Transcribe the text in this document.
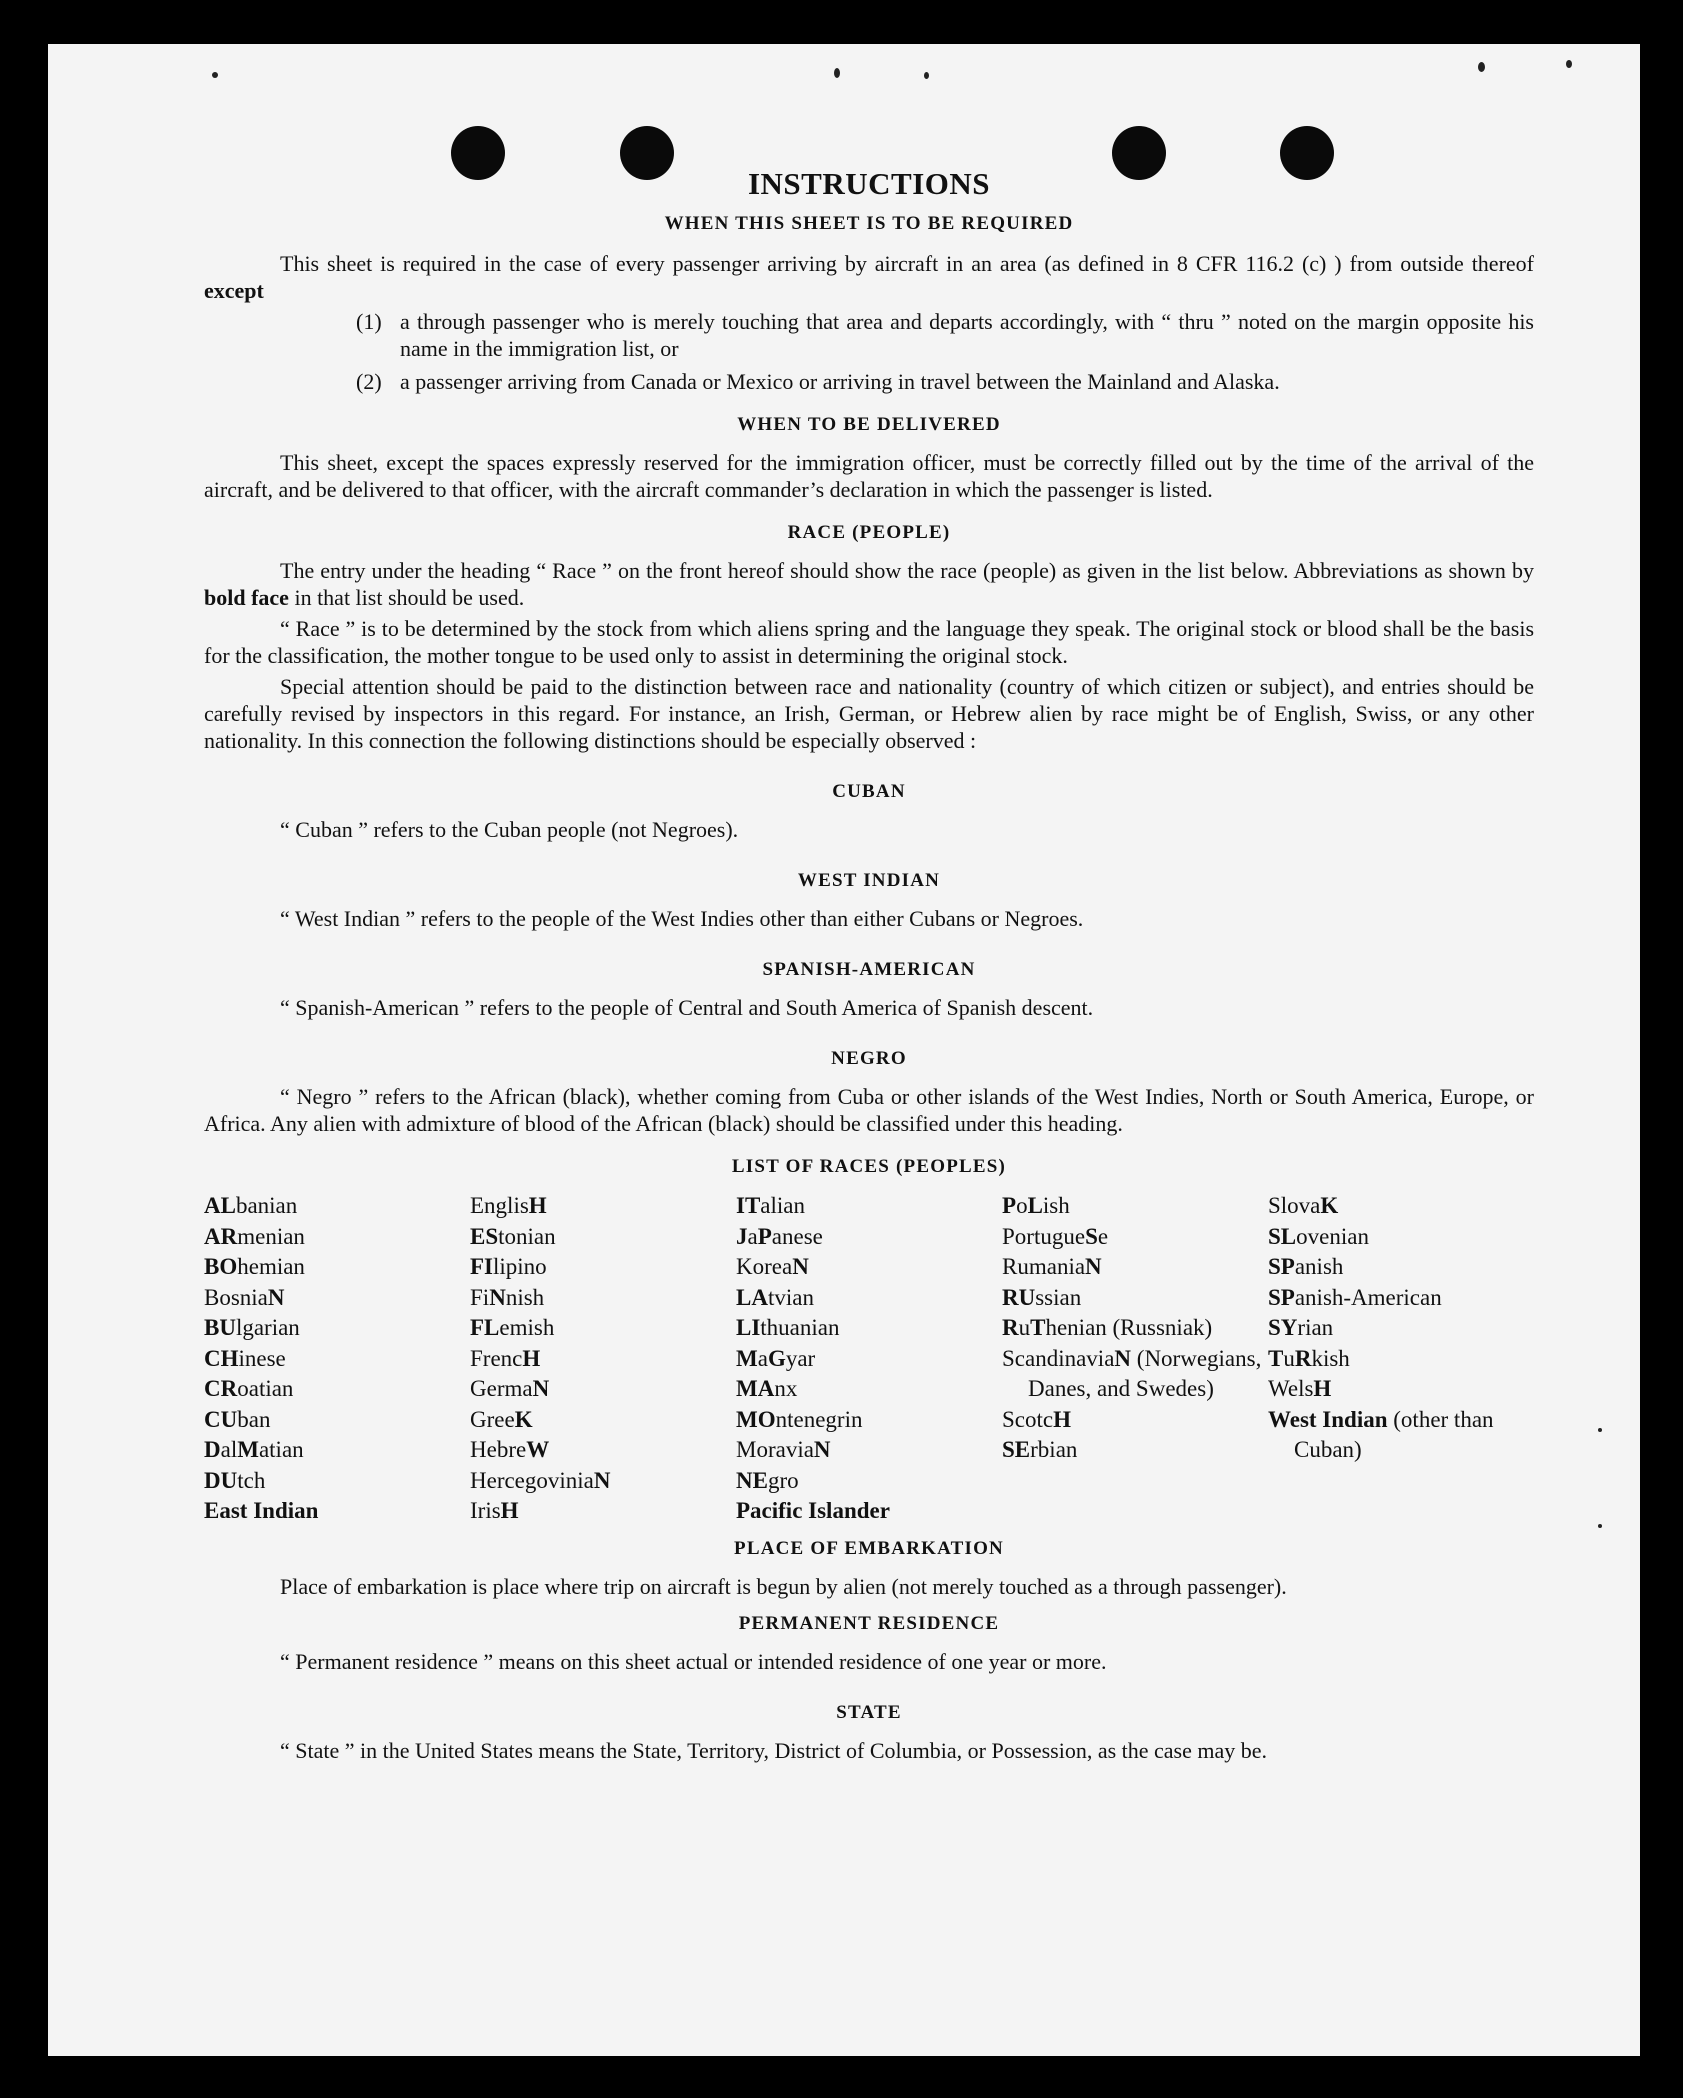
INSTRUCTIONS
WHEN THIS SHEET IS TO BE REQUIRED

This sheet is required in the case of every passenger arriving by aircraft in an area (as defined in 8 CFR 116.2 (c) ) from outside thereof except

(1) a through passenger who is merely touching that area and departs accordingly, with “ thru ” noted on the margin opposite his name in the immigration list, or
(2) a passenger arriving from Canada or Mexico or arriving in travel between the Mainland and Alaska.
WHEN TO BE DELIVERED

This sheet, except the spaces expressly reserved for the immigration officer, must be correctly filled out by the time of the arrival of the aircraft, and be delivered to that officer, with the aircraft commander’s declaration in which the passenger is listed.

RACE (PEOPLE)

The entry under the heading “ Race ” on the front hereof should show the race (people) as given in the list below. Abbreviations as shown by bold face in that list should be used.

“ Race ” is to be determined by the stock from which aliens spring and the language they speak. The original stock or blood shall be the basis for the classification, the mother tongue to be used only to assist in determining the original stock.

Special attention should be paid to the distinction between race and nationality (country of which citizen or subject), and entries should be carefully revised by inspectors in this regard. For instance, an Irish, German, or Hebrew alien by race might be of English, Swiss, or any other nationality. In this connection the following distinctions should be especially observed :

CUBAN

“ Cuban ” refers to the Cuban people (not Negroes).

WEST INDIAN

“ West Indian ” refers to the people of the West Indies other than either Cubans or Negroes.

SPANISH-AMERICAN

“ Spanish-American ” refers to the people of Central and South America of Spanish descent.

NEGRO

“ Negro ” refers to the African (black), whether coming from Cuba or other islands of the West Indies, North or South America, Europe, or Africa. Any alien with admixture of blood of the African (black) should be classified under this heading.

LIST OF RACES (PEOPLES)
ALbanian
ARmenian
BOhemian
BosniaN
BUlgarian
CHinese
CRoatian
CUban
DalMatian
DUtch
East Indian
EnglisH
EStonian
FIlipino
FiNnish
FLemish
FrencH
GermaN
GreeK
HebreW
HercegoviniaN
IrisH
ITalian
JaPanese
KoreaN
LAtvian
LIthuanian
MaGyar
MAnx
MOntenegrin
MoraviaN
NEgro
Pacific Islander
PoLish
PortugueSe
RumaniaN
RUssian
RuThenian (Russniak)
ScandinaviaN (Norwegians, Danes, and Swedes)
ScotcH
SErbian
SlovaK
SLovenian
SPanish
SPanish-American
SYrian
TuRkish
WelsH
West Indian (other than Cuban)
PLACE OF EMBARKATION

Place of embarkation is place where trip on aircraft is begun by alien (not merely touched as a through passenger).

PERMANENT RESIDENCE

“ Permanent residence ” means on this sheet actual or intended residence of one year or more.

STATE

“ State ” in the United States means the State, Territory, District of Columbia, or Possession, as the case may be.
